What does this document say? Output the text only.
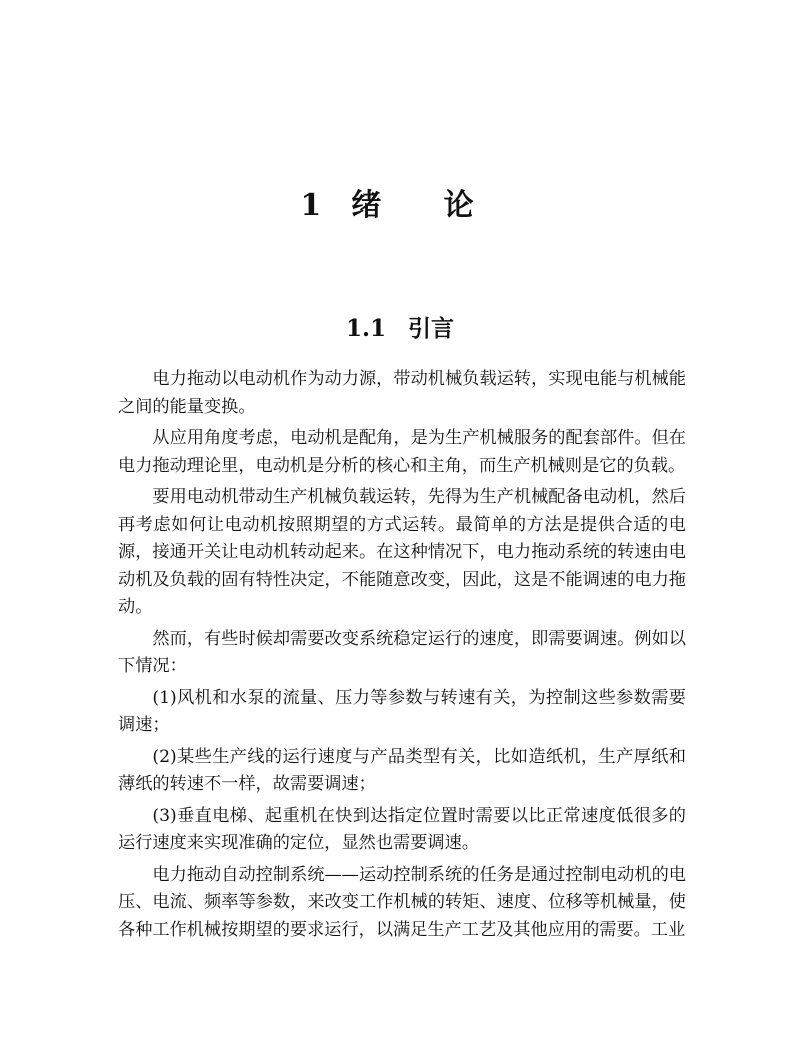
1 绪 论
1.1 引言

电力拖动以电动机作为动力源，带动机械负载运转，实现电能与机械能之间的能量变换。

从应用角度考虑，电动机是配角，是为生产机械服务的配套部件。但在电力拖动理论里，电动机是分析的核心和主角，而生产机械则是它的负载。

要用电动机带动生产机械负载运转，先得为生产机械配备电动机，然后再考虑如何让电动机按照期望的方式运转。最简单的方法是提供合适的电源，接通开关让电动机转动起来。在这种情况下，电力拖动系统的转速由电动机及负载的固有特性决定，不能随意改变，因此，这是不能调速的电力拖动。

然而，有些时候却需要改变系统稳定运行的速度，即需要调速。例如以下情况：

(1)风机和水泵的流量、压力等参数与转速有关，为控制这些参数需要调速；

(2)某些生产线的运行速度与产品类型有关，比如造纸机，生产厚纸和薄纸的转速不一样，故需要调速；

(3)垂直电梯、起重机在快到达指定位置时需要以比正常速度低很多的运行速度来实现准确的定位，显然也需要调速。

电力拖动自动控制系统——运动控制系统的任务是通过控制电动机的电压、电流、频率等参数，来改变工作机械的转矩、速度、位移等机械量，使各种工作机械按期望的要求运行，以满足生产工艺及其他应用的需要。工业
